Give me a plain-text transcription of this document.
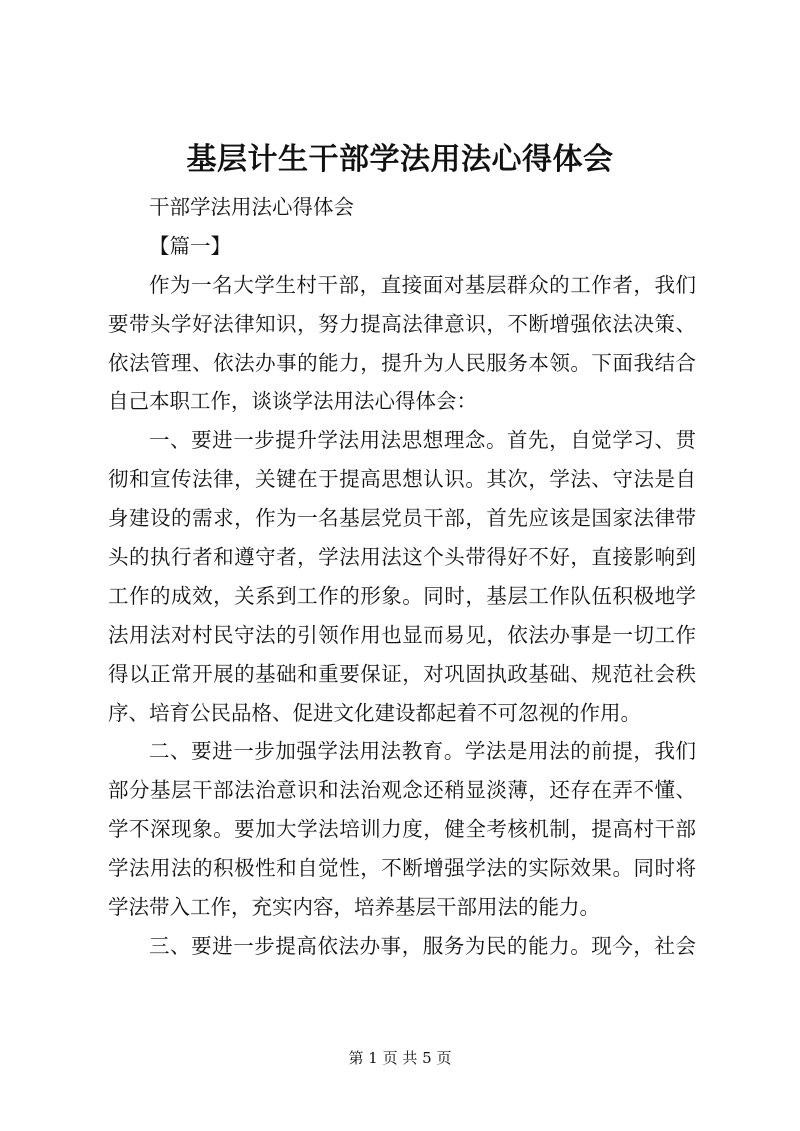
基层计生干部学法用法心得体会
干部学法用法心得体会
【篇一】
作为一名大学生村干部，直接面对基层群众的工作者，我们
要带头学好法律知识，努力提高法律意识，不断增强依法决策、
依法管理、依法办事的能力，提升为人民服务本领。下面我结合
自己本职工作，谈谈学法用法心得体会：
一、要进一步提升学法用法思想理念。首先，自觉学习、贯
彻和宣传法律，关键在于提高思想认识。其次，学法、守法是自
身建设的需求，作为一名基层党员干部，首先应该是国家法律带
头的执行者和遵守者，学法用法这个头带得好不好，直接影响到
工作的成效，关系到工作的形象。同时，基层工作队伍积极地学
法用法对村民守法的引领作用也显而易见，依法办事是一切工作
得以正常开展的基础和重要保证，对巩固执政基础、规范社会秩
序、培育公民品格、促进文化建设都起着不可忽视的作用。
二、要进一步加强学法用法教育。学法是用法的前提，我们
部分基层干部法治意识和法治观念还稍显淡薄，还存在弄不懂、
学不深现象。要加大学法培训力度，健全考核机制，提高村干部
学法用法的积极性和自觉性，不断增强学法的实际效果。同时将
学法带入工作，充实内容，培养基层干部用法的能力。
三、要进一步提高依法办事，服务为民的能力。现今，社会
第 1 页 共 5 页
